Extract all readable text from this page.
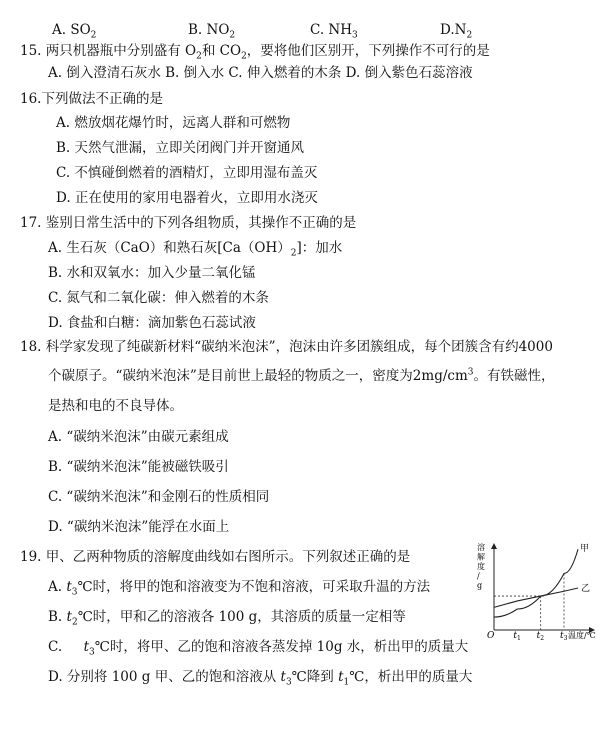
A. $SO_2$	B. $NO_2$	C. $NH_3$	$D.N_2$
15. 两只机器瓶中分别盛有 $O_2$和 $CO_2$，要将他们区别开，下列操作不可行的是
A. 倒入澄清石灰水 B. 倒入水 C. 伸入燃着的木条 D. 倒入紫色石蕊溶液
16.下列做法不正确的是
A. 燃放烟花爆竹时，远离人群和可燃物
B. 天然气泄漏，立即关闭阀门并开窗通风
C. 不慎碰倒燃着的酒精灯，立即用湿布盖灭
D. 正在使用的家用电器着火，立即用水浇灭
17. 鉴别日常生活中的下列各组物质，其操作不正确的是
A. 生石灰（CaO）和熟石灰$[Ca(OH)_2]$：加水
B. 水和双氧水：加入少量二氧化锰
C. 氮气和二氧化碳：伸入燃着的木条
D. 食盐和白糖：滴加紫色石蕊试液
18. 科学家发现了纯碳新材料“碳纳米泡沫”，泡沫由许多团簇组成，每个团簇含有约4000
个碳原子。“碳纳米泡沫”是目前世上最轻的物质之一，密度为$2mg/cm^3$。有铁磁性，
是热和电的不良导体。
A. “碳纳米泡沫”由碳元素组成
B. “碳纳米泡沫”能被磁铁吸引
C. “碳纳米泡沫”和金刚石的性质相同
D. “碳纳米泡沫”能浮在水面上
19. 甲、乙两种物质的溶解度曲线如右图所示。下列叙述正确的是
A. $t_3℃$时，将甲的饱和溶液变为不饱和溶液，可采取升温的方法
B. $t_2℃$时，甲和乙的溶液各 100 g，其溶质的质量一定相等
C.     $t_3℃$时，将甲、乙的饱和溶液各蒸发掉 10g 水，析出甲的质量大
D. 分别将 100 g 甲、乙的饱和溶液从 $t_3℃$降到 $t_1℃$，析出甲的质量大
溶
解
度
/
g
O $t_1$ $t_2$ $t_3$ 温度/℃
甲
乙
